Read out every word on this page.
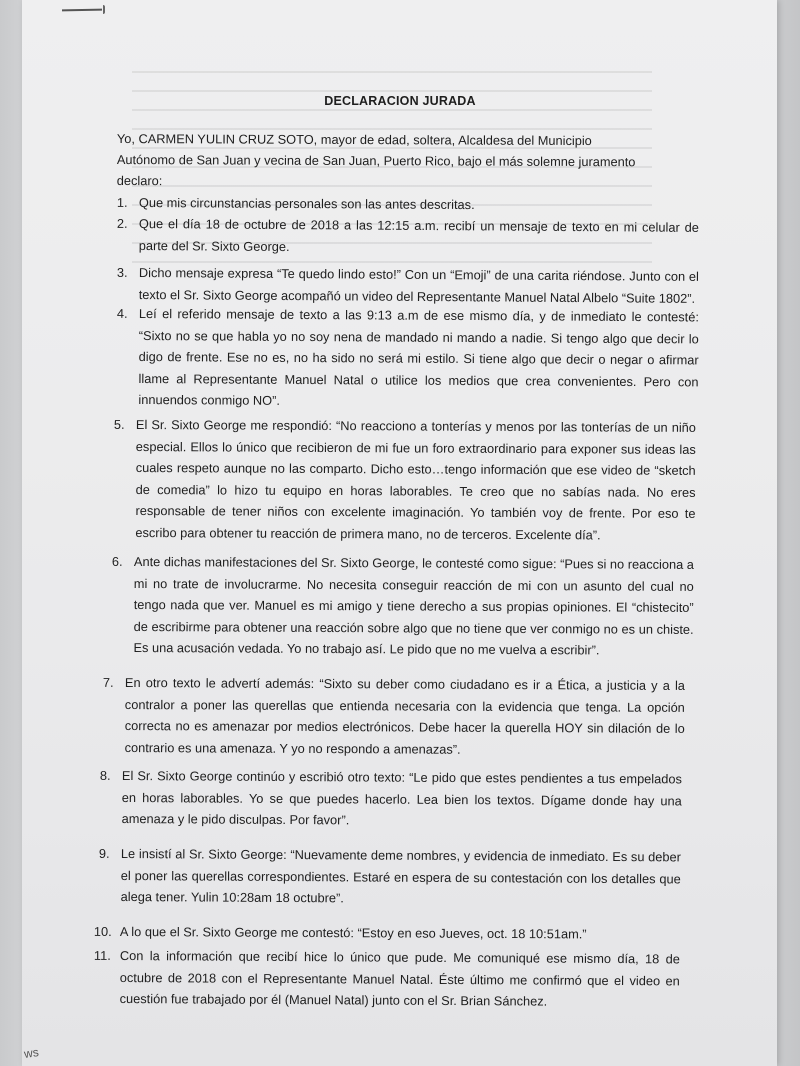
DECLARACION JURADA
Yo, CARMEN YULIN CRUZ SOTO, mayor de edad, soltera, Alcaldesa del Municipio Autónomo de San Juan y vecina de San Juan, Puerto Rico, bajo el más solemne juramento declaro:
1. Que mis circunstancias personales son las antes descritas.
2. Que el día 18 de octubre de 2018 a las 12:15 a.m. recibí un mensaje de texto en mi celular de parte del Sr. Sixto George.
3. Dicho mensaje expresa “Te quedo lindo esto!” Con un “Emoji” de una carita riéndose. Junto con el texto el Sr. Sixto George acompañó un video del Representante Manuel Natal Albelo “Suite 1802”.
4. Leí el referido mensaje de texto a las 9:13 a.m de ese mismo día, y de inmediato le contesté: “Sixto no se que habla yo no soy nena de mandado ni mando a nadie. Si tengo algo que decir lo digo de frente. Ese no es, no ha sido no será mi estilo. Si tiene algo que decir o negar o afirmar llame al Representante Manuel Natal o utilice los medios que crea convenientes. Pero con innuendos conmigo NO”.
5. El Sr. Sixto George me respondió: “No reacciono a tonterías y menos por las tonterías de un niño especial. Ellos lo único que recibieron de mi fue un foro extraordinario para exponer sus ideas las cuales respeto aunque no las comparto. Dicho esto…tengo información que ese video de “sketch de comedia” lo hizo tu equipo en horas laborables. Te creo que no sabías nada. No eres responsable de tener niños con excelente imaginación. Yo también voy de frente. Por eso te escribo para obtener tu reacción de primera mano, no de terceros. Excelente día”.
6. Ante dichas manifestaciones del Sr. Sixto George, le contesté como sigue: “Pues si no reacciona a mi no trate de involucrarme. No necesita conseguir reacción de mi con un asunto del cual no tengo nada que ver. Manuel es mi amigo y tiene derecho a sus propias opiniones. El “chistecito” de escribirme para obtener una reacción sobre algo que no tiene que ver conmigo no es un chiste. Es una acusación vedada. Yo no trabajo así. Le pido que no me vuelva a escribir”.
7. En otro texto le advertí además: “Sixto su deber como ciudadano es ir a Ética, a justicia y a la contralor a poner las querellas que entienda necesaria con la evidencia que tenga. La opción correcta no es amenazar por medios electrónicos. Debe hacer la querella HOY sin dilación de lo contrario es una amenaza. Y yo no respondo a amenazas”.
8. El Sr. Sixto George continúo y escribió otro texto: “Le pido que estes pendientes a tus empelados en horas laborables. Yo se que puedes hacerlo. Lea bien los textos. Dígame donde hay una amenaza y le pido disculpas. Por favor”.
9. Le insistí al Sr. Sixto George: “Nuevamente deme nombres, y evidencia de inmediato. Es su deber el poner las querellas correspondientes. Estaré en espera de su contestación con los detalles que alega tener. Yulin 10:28am 18 octubre”.
10. A lo que el Sr. Sixto George me contestó: “Estoy en eso Jueves, oct. 18 10:51am.”
11. Con la información que recibí hice lo único que pude. Me comuniqué ese mismo día, 18 de octubre de 2018 con el Representante Manuel Natal. Éste último me confirmó que el video en cuestión fue trabajado por él (Manuel Natal) junto con el Sr. Brian Sánchez.
ws
